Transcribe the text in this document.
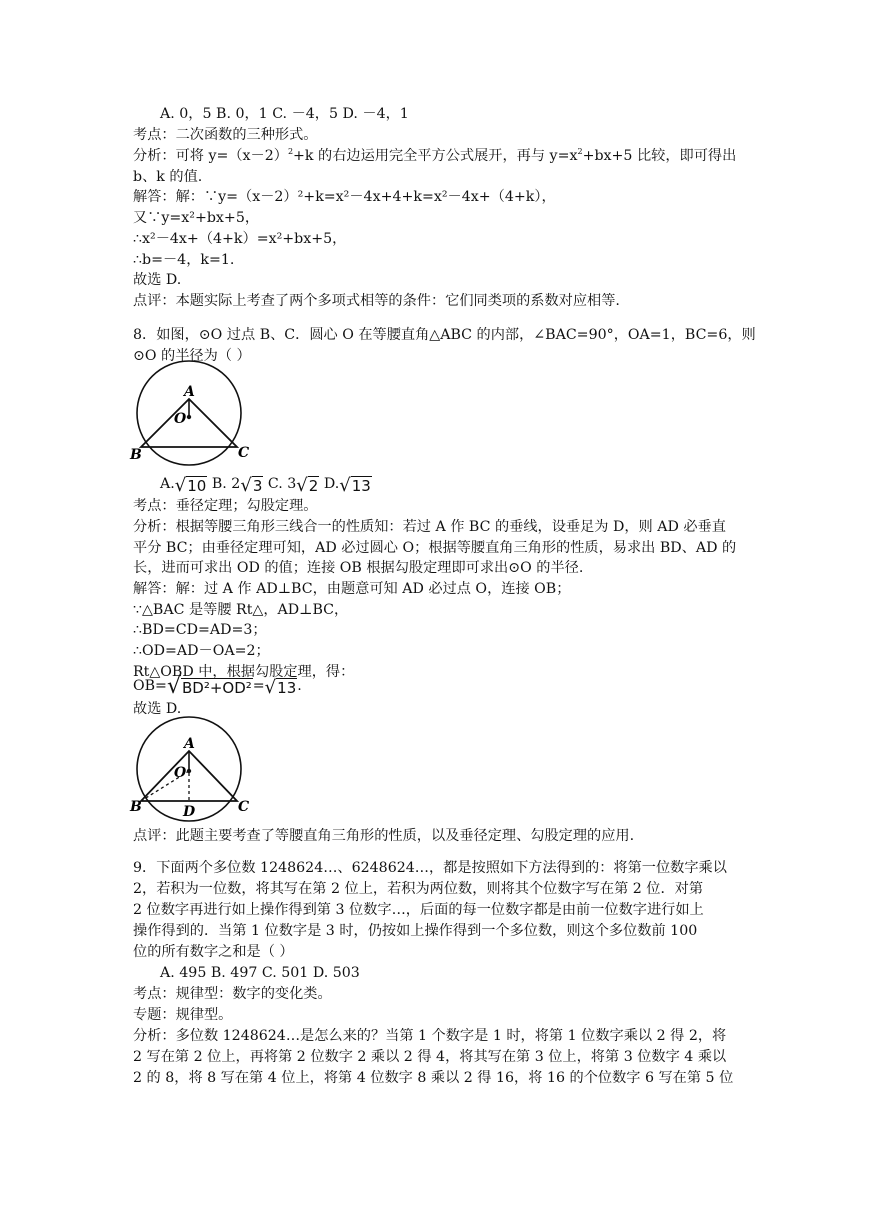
A. 0，5 B. 0，1 C. －4，5 D. －4，1
考点：二次函数的三种形式。
分析：可将 $y=(x-2)^2+k$ 的右边运用完全平方公式展开，再与 $y=x^2+bx+5$ 比较，即可得出
b、k 的值.
解答：解：∵y=（x－2）²+k=x²－4x+4+k=x²－4x+（4+k），
又∵y=x²+bx+5，
∴x²－4x+（4+k）=x²+bx+5，
∴b=－4，k=1.
故选 D.
点评：本题实际上考查了两个多项式相等的条件：它们同类项的系数对应相等.
8．如图，⊙O 过点 B、C．圆心 O 在等腰直角△ABC 的内部，∠BAC=90°，OA=1，BC=6，则
⊙O 的半径为（ ）
A
O
B	C
A.√10 B. 2√3 C. 3√2 D.√13
考点：垂径定理；勾股定理。
分析：根据等腰三角形三线合一的性质知：若过 A 作 BC 的垂线，设垂足为 D，则 AD 必垂直
平分 BC；由垂径定理可知，AD 必过圆心 O；根据等腰直角三角形的性质，易求出 BD、AD 的
长，进而可求出 OD 的值；连接 OB 根据勾股定理即可求出⊙O 的半径.
解答：解：过 A 作 AD⊥BC，由题意可知 AD 必过点 O，连接 OB；
∵△BAC 是等腰 Rt△，AD⊥BC，
∴BD=CD=AD=3；
∴OD=AD－OA=2；
Rt△OBD 中，根据勾股定理，得：
OB=√BD²+OD²=√13.
故选 D.
A
O
B	D	C
点评：此题主要考查了等腰直角三角形的性质，以及垂径定理、勾股定理的应用.
9．下面两个多位数 1248624…、6248624…，都是按照如下方法得到的：将第一位数字乘以
2，若积为一位数，将其写在第 2 位上，若积为两位数，则将其个位数字写在第 2 位．对第
2 位数字再进行如上操作得到第 3 位数字…，后面的每一位数字都是由前一位数字进行如上
操作得到的．当第 1 位数字是 3 时，仍按如上操作得到一个多位数，则这个多位数前 100
位的所有数字之和是（ ）
A. 495 B. 497 C. 501 D. 503
考点：规律型：数字的变化类。
专题：规律型。
分析：多位数 1248624…是怎么来的？当第 1 个数字是 1 时，将第 1 位数字乘以 2 得 2，将
2 写在第 2 位上，再将第 2 位数字 2 乘以 2 得 4，将其写在第 3 位上，将第 3 位数字 4 乘以
2 的 8，将 8 写在第 4 位上，将第 4 位数字 8 乘以 2 得 16，将 16 的个位数字 6 写在第 5 位
